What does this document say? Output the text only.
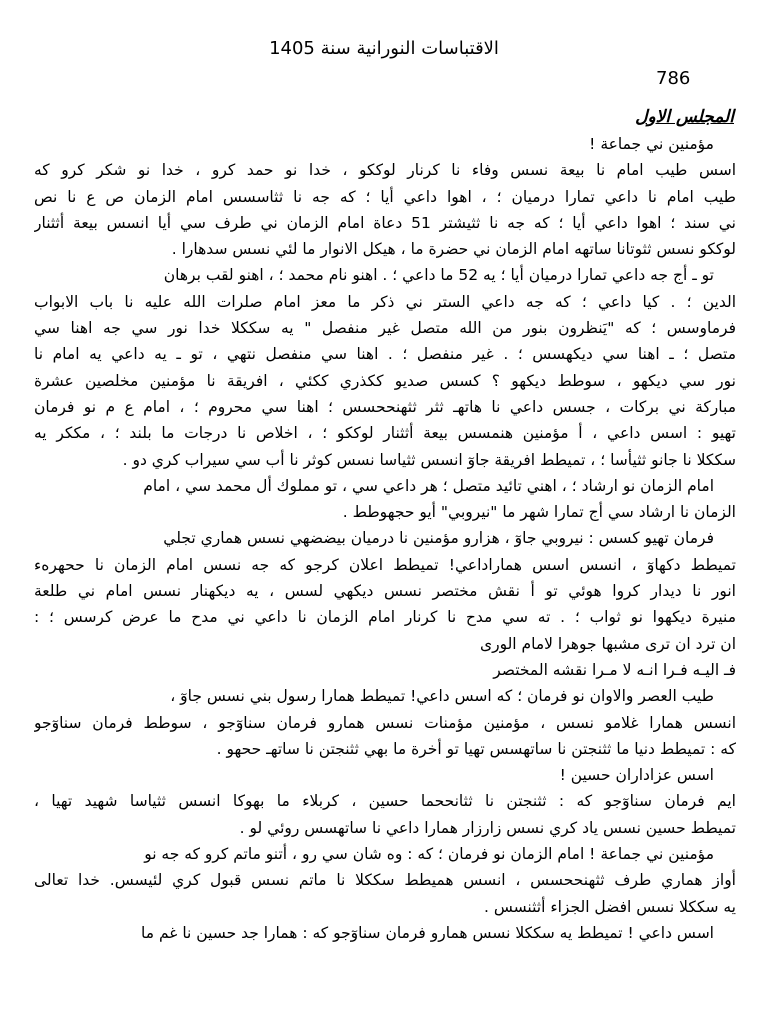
الاقتباسات النورانية سنة 1405
786
المجلس الاول
مؤمنين ني جماعة !
اسس طيب امام نا بيعة نسس وفاء نا كرنار لوككو ، خدا نو حمد كرو ، خدا نو شكر كرو كه
طيب امام نا داعي تمارا درميان ؛ ، اهوا داعي أيا ؛ كه جه نا ثثاسسس امام الزمان ص ع نا نص
ني سند ؛ اهوا داعي أيا ؛ كه جه نا ثثيشتر 51 دعاة امام الزمان ني طرف سي أيا انسس بيعة أثثنار
لوككو نسس ثثوتانا ساتهه امام الزمان ني حضرة ما ، هيكل الانوار ما لئي نسس سدهارا .
تو ـ أج جه داعي تمارا درميان أيا ؛ يه 52 ما داعي ؛ . اهنو نام محمد ؛ ، اهنو لقب برهان
الدين ؛ . كيا داعي ؛ كه جه داعي الستر ني ذكر ما معز امام صلرات الله عليه نا باب الابواب
فرماوسس ؛ كه "يَنظرون بنور من الله متصل غير منفصل " يه سككلا خدا نور سي جه اهنا سي
متصل ؛ ـ اهنا سي ديكهسس ؛ . غير منفصل ؛ . اهنا سي منفصل نتهي ، تو ـ يه داعي يه امام نا
نور سي ديكهو ، سوطط ديكهو ؟ كسس صديو ككذري ككئي ، افريقة نا مؤمنين مخلصين عشرة
مباركة ني بركات ، جسس داعي نا هاتهـ ثثر ثثهنححسس ؛ اهنا سي محروم ؛ ، امام ع م نو فرمان
تهيو : اسس داعي ، أ مؤمنين هنمسس بيعة أثثنار لوككو ؛ ، اخلاص نا درجات ما بلند ؛ ، مككر يه
سككلا نا جانو ثثيأسا ؛ ، تميطط افريقة جاوٓ انسس ثثياسا نسس كوثر نا أب سي سيراب كري دو .
امام الزمان نو ارشاد ؛ ، اهني تائيد متصل ؛ هر داعي سي ، تو مملوك أل محمد سي ، امام
الزمان نا ارشاد سي أج تمارا شهر ما "نيروبي" أيو حجهوطط .
فرمان تهيو كسس : نيروبي جاوٓ ، هزارو مؤمنين نا درميان بيضضهي نسس هماري تجلي
تميطط دكهاوٓ ، انسس اسس هماراداعي! تميطط اعلان كرجو كه جه نسس امام الزمان نا ححهرهء
انور نا ديدار كروا هوئي تو أ نقش مختصر نسس ديكهي لسس ، يه ديكهنار نسس امام ني طلعة
منيرة ديكهوا نو ثواب ؛ . ته سي مدح نا كرنار امام الزمان نا داعي ني مدح ما عرض كرسس ؛ :
ان ترد ان ترى مشبها جوهرا لامام الورى
فـ اليـه فـرا انـه لا مـرا نقشه المختصر
طيب العصر والاوان نو فرمان ؛ كه اسس داعي! تميطط همارا رسول بني نسس جاوٓ ،
انسس همارا غلامو نسس ، مؤمنين مؤمنات نسس همارو فرمان سناوٓجو ، سوطط فرمان سناوٓجو
كه : تميطط دنيا ما ثثنجتن نا ساتهسس تهيا تو أخرة ما بهي ثثنجتن نا ساتهـ ححهو .
اسس عزاداران حسين !
ايم فرمان سناوٓجو كه : ثثنجتن نا ثثانححما حسين ، كربلاء ما بهوكا انسس ثثياسا شهيد تهيا ،
تميطط حسين نسس ياد كري نسس زارزار همارا داعي نا ساتهسس روئي لو .
مؤمنين ني جماعة ! امام الزمان نو فرمان ؛ كه : وه شان سي رو ، أتنو ماتم كرو كه جه نو
أواز هماري طرف ثثهنححسس ، انسس هميطط سككلا نا ماتم نسس قبول كري لئيسس. خدا تعالى
يه سككلا نسس افضل الجزاء أثثنسس .
اسس داعي ! تميطط يه سككلا نسس همارو فرمان سناوٓجو كه : همارا جد حسين نا غم ما
